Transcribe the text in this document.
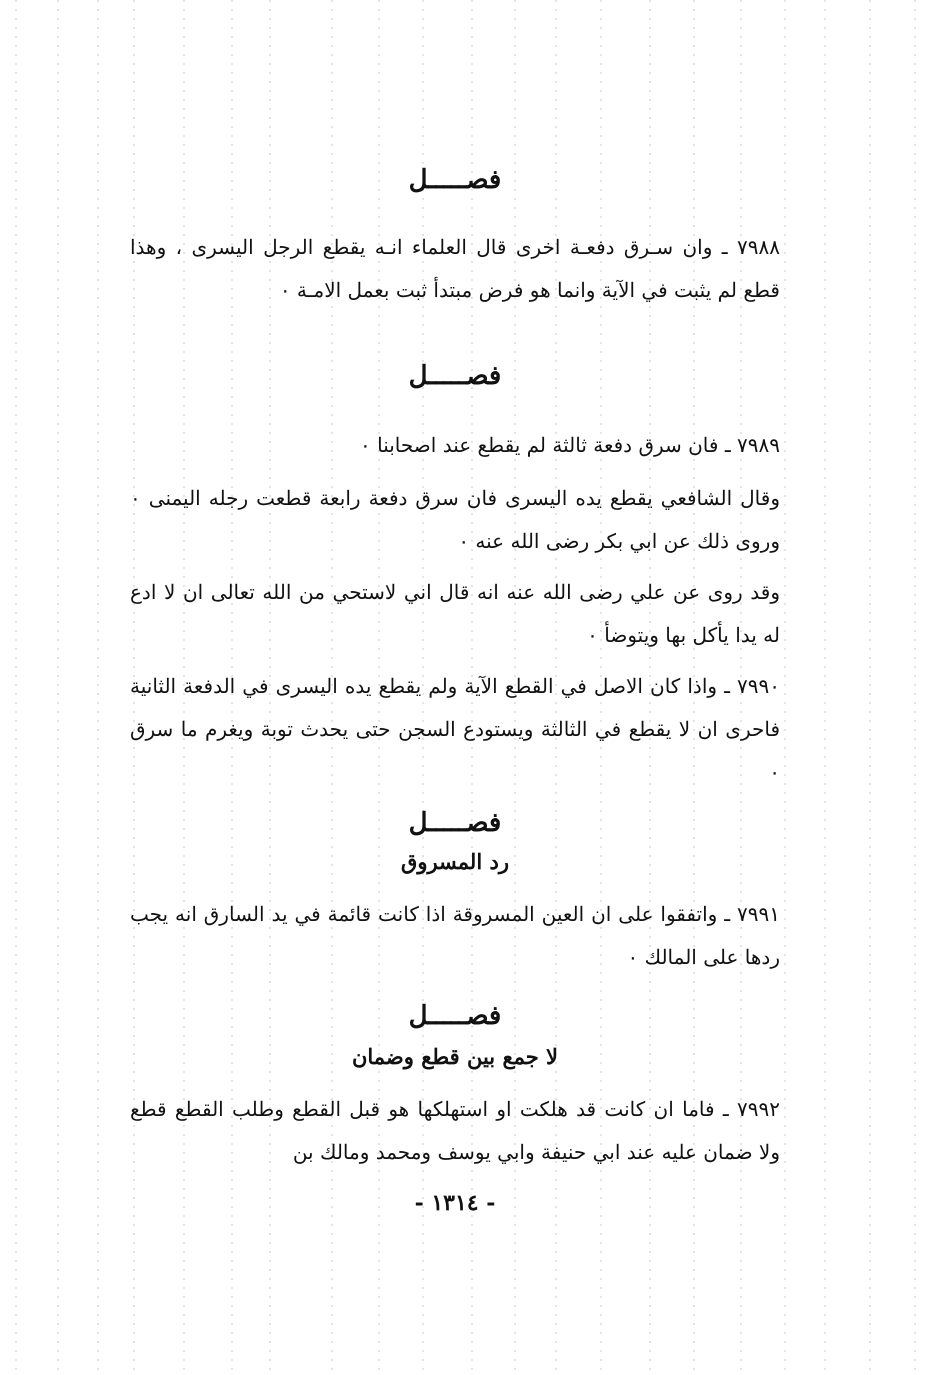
فصـــــل

٧٩٨٨ ـ وان سـرق دفعـة اخرى قال العلماء انـه يقطع الرجل اليسرى ، وهذا قطع لم يثبت في الآية وانما هو فرض مبتدأ ثبت بعمل الامـة ٠

فصـــــل

٧٩٨٩ ـ فان سرق دفعة ثالثة لم يقطع عند اصحابنا ٠

وقال الشافعي يقطع يده اليسرى فان سرق دفعة رابعة قطعت رجله اليمنى ٠ وروى ذلك عن ابي بكر رضى الله عنه ٠

وقد روى عن علي رضى الله عنه انه قال اني لاستحي من الله تعالى ان لا ادع له يدا يأكل بها ويتوضأ ٠

٧٩٩٠ ـ واذا كان الاصل في القطع الآية ولم يقطع يده اليسرى في الدفعة الثانية فاحرى ان لا يقطع في الثالثة ويستودع السجن حتى يحدث توبة ويغرم ما سرق ٠

فصـــــل

رد المسروق

٧٩٩١ ـ واتفقوا على ان العين المسروقة اذا كانت قائمة في يد السارق انه يجب ردها على المالك ٠

فصـــــل

لا جمع بين قطع وضمان

٧٩٩٢ ـ فاما ان كانت قد هلكت او استهلكها هو قبل القطع وطلب القطع قطع ولا ضمان عليه عند ابي حنيفة وابي يوسف ومحمد ومالك بن

- ١٣١٤ -
